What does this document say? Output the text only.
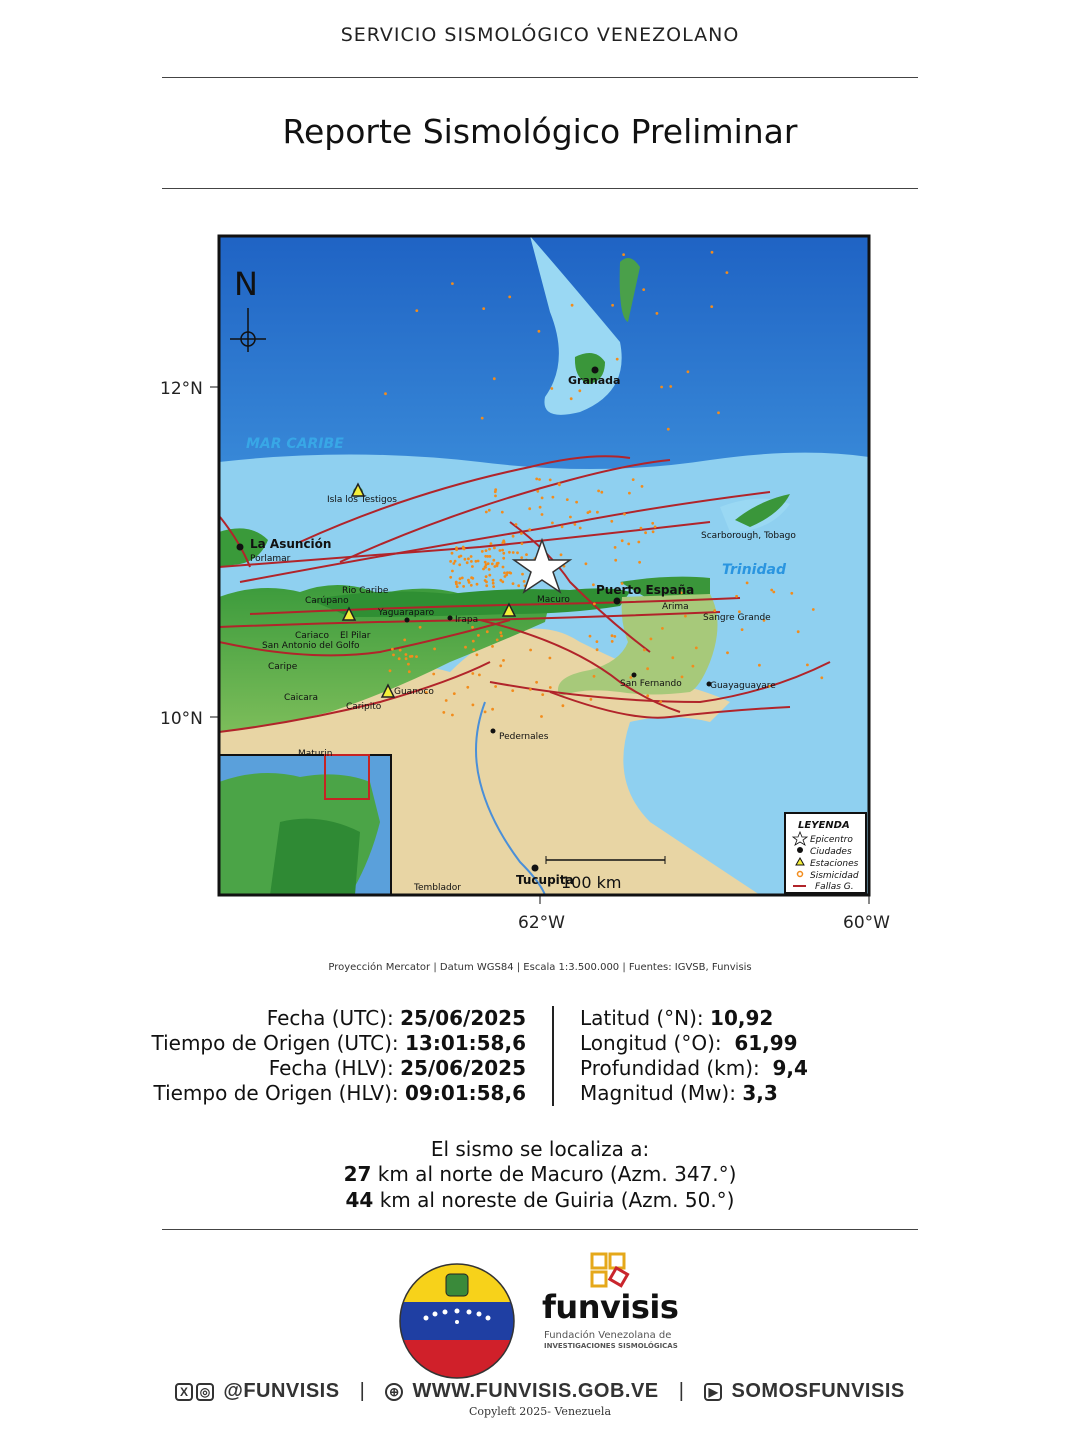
SERVICIO SISMOLÓGICO VENEZOLANO
Reporte Sismológico Preliminar
N
12°N
10°N
62°W	60°W
MAR CARIBE
Trinidad
Granada
Isla los Testigos
Scarborough, Tobago
La Asunción
Porlamar
Rio Caribe
Carúpano
Yaguaraparo
Irapa
Macuro
Puerto España
Arima
Sangre Grande
San Fernando	Guayaguayare
El Pilar
Cariaco
San Antonio del Golfo
Caripe
Caicara
Guanoco
Caripito
Maturin
Pedernales
Tucupita
Temblador	100 km
LEYENDA
Epicentro
Ciudades
Estaciones
Sismicidad
Fallas G.
Proyección Mercator | Datum WGS84 | Escala 1:3.500.000 | Fuentes: IGVSB, Funvisis
Fecha (UTC): 25/06/2025
Tiempo de Origen (UTC): 13:01:58,6
Fecha (HLV): 25/06/2025
Tiempo de Origen (HLV): 09:01:58,6
Latitud (°N): 10,92
Longitud (°O):  61,99
Profundidad (km):  9,4
Magnitud (Mw): 3,3
El sismo se localiza a:
27 km al norte de Macuro (Azm. 347.°)
44 km al noreste de Guiria (Azm. 50.°)
funvisis
Fundación Venezolana de
INVESTIGACIONES SISMOLÓGICAS
X ◎ @FUNVISIS | ⊕ WWW.FUNVISIS.GOB.VE | ▶ SOMOSFUNVISIS
Copyleft 2025- Venezuela
